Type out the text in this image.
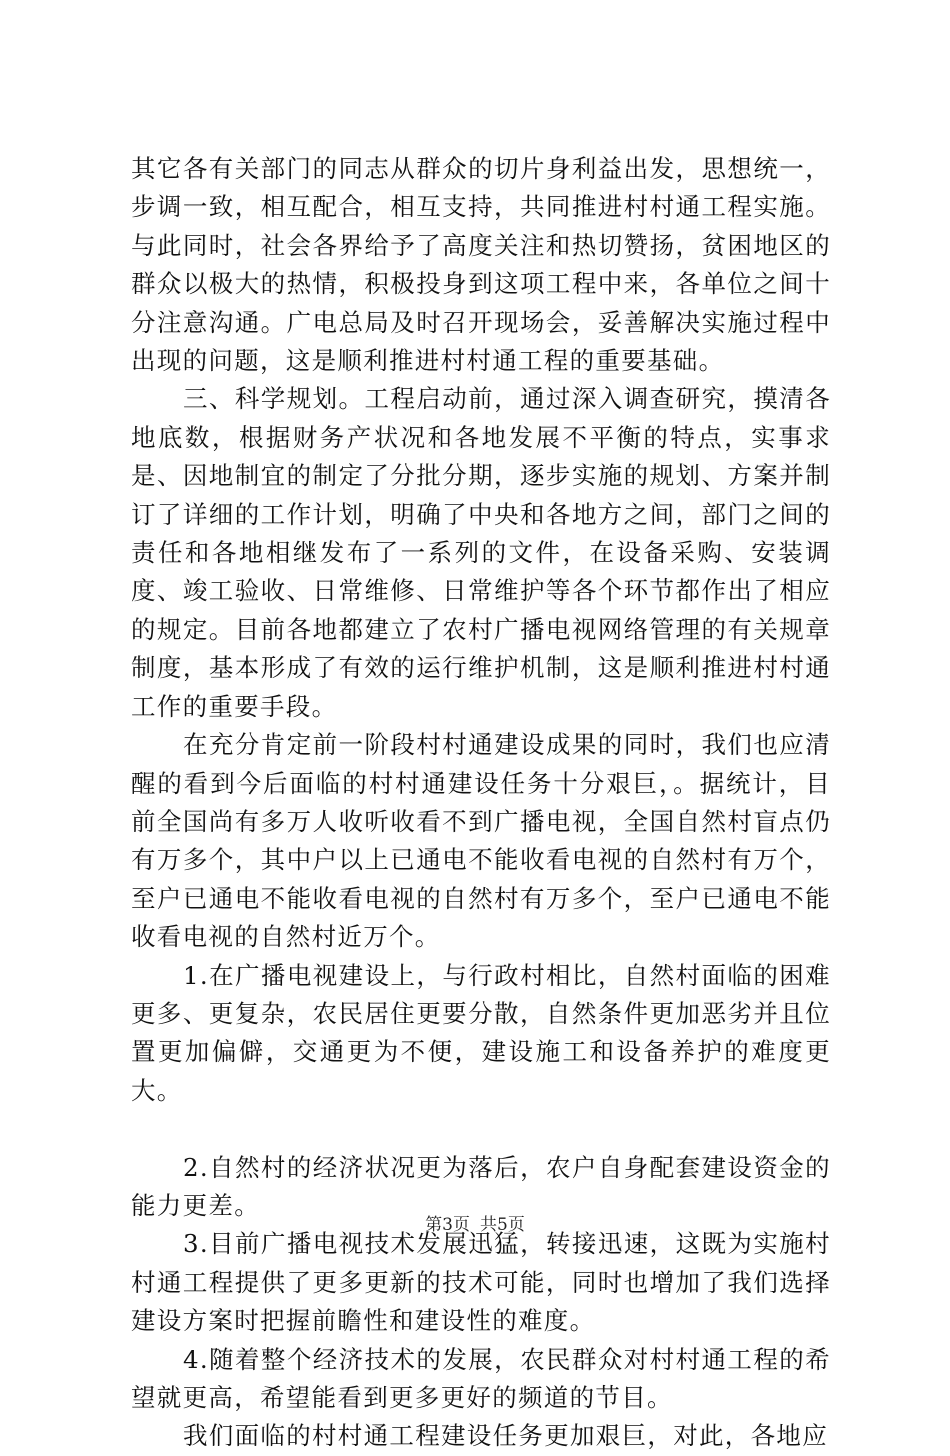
其它各有关部门的同志从群众的切片身利益出发，思想统一，步调一致，相互配合，相互支持，共同推进村村通工程实施。与此同时，社会各界给予了高度关注和热切赞扬，贫困地区的群众以极大的热情，积极投身到这项工程中来，各单位之间十分注意沟通。广电总局及时召开现场会，妥善解决实施过程中出现的问题，这是顺利推进村村通工程的重要基础。

三、科学规划。工程启动前，通过深入调查研究，摸清各地底数，根据财务产状况和各地发展不平衡的特点，实事求是、因地制宜的制定了分批分期，逐步实施的规划、方案并制订了详细的工作计划，明确了中央和各地方之间，部门之间的责任和各地相继发布了一系列的文件，在设备采购、安装调度、竣工验收、日常维修、日常维护等各个环节都作出了相应的规定。目前各地都建立了农村广播电视网络管理的有关规章制度，基本形成了有效的运行维护机制，这是顺利推进村村通工作的重要手段。

在充分肯定前一阶段村村通建设成果的同时，我们也应清醒的看到今后面临的村村通建设任务十分艰巨，。据统计，目前全国尚有多万人收听收看不到广播电视，全国自然村盲点仍有万多个，其中户以上已通电不能收看电视的自然村有万个，至户已通电不能收看电视的自然村有万多个，至户已通电不能收看电视的自然村近万个。

1.在广播电视建设上，与行政村相比，自然村面临的困难更多、更复杂，农民居住更要分散，自然条件更加恶劣并且位置更加偏僻，交通更为不便，建设施工和设备养护的难度更大。

2.自然村的经济状况更为落后，农户自身配套建设资金的能力更差。

3.目前广播电视技术发展迅猛，转接迅速，这既为实施村村通工程提供了更多更新的技术可能，同时也增加了我们选择建设方案时把握前瞻性和建设性的难度。

4.随着整个经济技术的发展，农民群众对村村通工程的希望就更高，希望能看到更多更好的频道的节目。

我们面临的村村通工程建设任务更加艰巨，对此，各地应

第3页 共5页
